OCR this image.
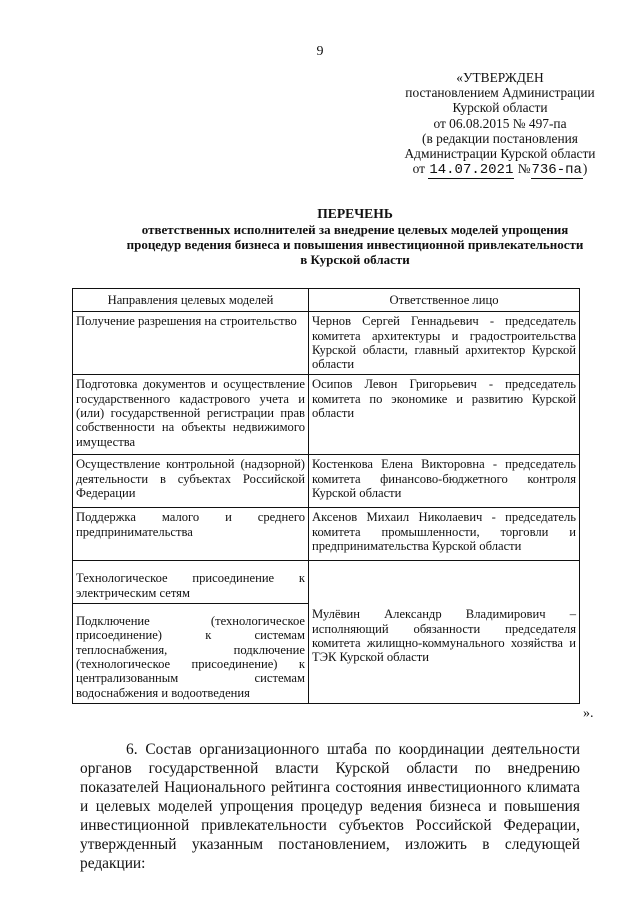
9
«УТВЕРЖДЕН
постановлением Администрации
Курской области
от 06.08.2015 № 497-па
(в редакции постановления
Администрации Курской области
от 14.07.2021 №736-па)
ПЕРЕЧЕНЬ
ответственных исполнителей за внедрение целевых моделей упрощения
процедур ведения бизнеса и повышения инвестиционной привлекательности
в Курской области
Направления целевых моделей	Ответственное лицо
Получение разрешения на строительство	Чернов Сергей Геннадьевич - председатель комитета архитектуры и градостроительства Курской области, главный архитектор Курской области
Подготовка документов и осуществление государственного кадастрового учета и (или) государственной регистрации прав собственности на объекты недвижимого имущества	Осипов Левон Григорьевич - председатель комитета по экономике и развитию Курской области
Осуществление контрольной (надзорной) деятельности в субъектах Российской Федерации	Костенкова Елена Викторовна - председатель комитета финансово-бюджетного контроля Курской области
Поддержка малого и среднего предпринимательства	Аксенов Михаил Николаевич - председатель комитета промышленности, торговли и предпринимательства Курской области
Технологическое присоединение к электрическим сетям	Мулёвин Александр Владимирович – исполняющий обязанности председателя комитета жилищно-коммунального хозяйства и ТЭК Курской области
Подключение (технологическое присоединение) к системам теплоснабжения, подключение (технологическое присоединение) к централизованным системам водоснабжения и водоотведения	
».
6. Состав организационного штаба по координации деятельности органов государственной власти Курской области по внедрению показателей Национального рейтинга состояния инвестиционного климата и целевых моделей упрощения процедур ведения бизнеса и повышения инвестиционной привлекательности субъектов Российской Федерации, утвержденный указанным постановлением, изложить в следующей редакции:
